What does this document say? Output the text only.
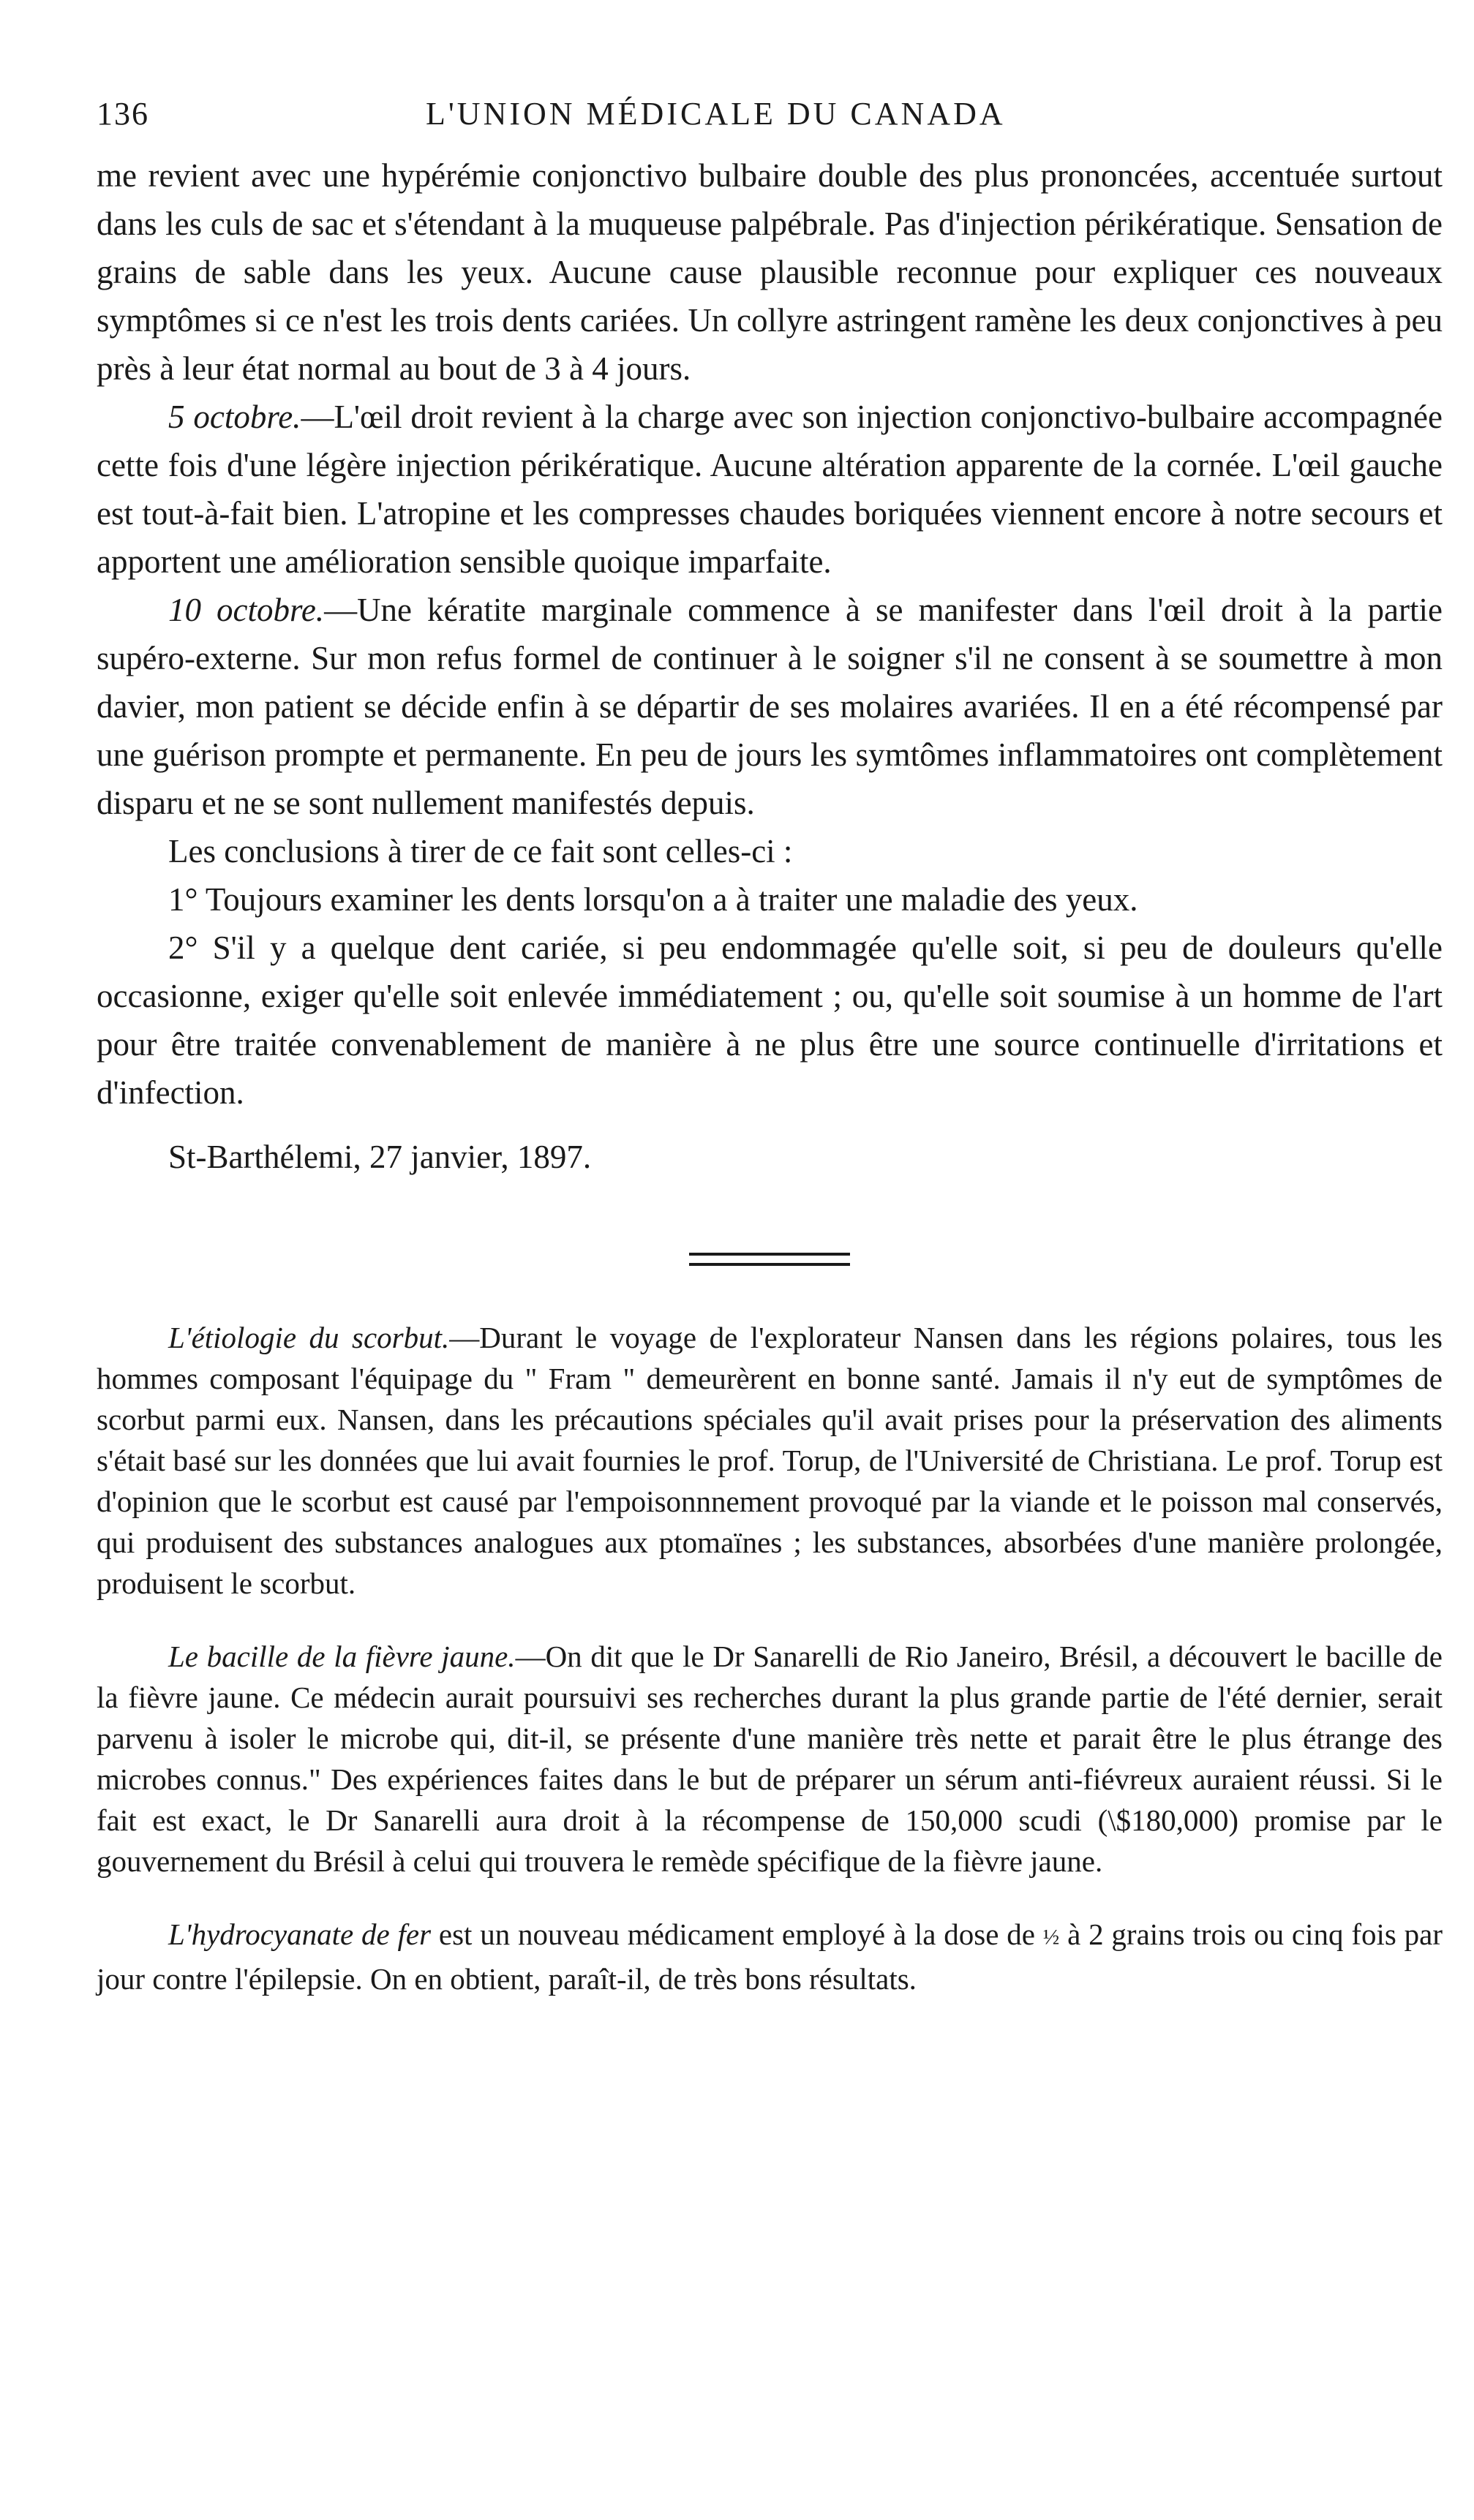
136	L'UNION MÉDICALE DU CANADA

me revient avec une hypérémie conjonctivo bulbaire double des plus prononcées, accentuée surtout dans les culs de sac et s'étendant à la muqueuse palpébrale. Pas d'injection périkératique. Sensation de grains de sable dans les yeux. Aucune cause plausible reconnue pour expliquer ces nouveaux symptômes si ce n'est les trois dents cariées. Un collyre astringent ramène les deux conjonctives à peu près à leur état normal au bout de 3 à 4 jours.

5 octobre.—L'œil droit revient à la charge avec son injection conjonctivo-bulbaire accompagnée cette fois d'une légère injection périkératique. Aucune altération apparente de la cornée. L'œil gauche est tout-à-fait bien. L'atropine et les compresses chaudes boriquées viennent encore à notre secours et apportent une amélioration sensible quoique imparfaite.

10 octobre.—Une kératite marginale commence à se manifester dans l'œil droit à la partie supéro-externe. Sur mon refus formel de continuer à le soigner s'il ne consent à se soumettre à mon davier, mon patient se décide enfin à se départir de ses molaires avariées. Il en a été récompensé par une guérison prompte et permanente. En peu de jours les symtômes inflammatoires ont complètement disparu et ne se sont nullement manifestés depuis.

Les conclusions à tirer de ce fait sont celles-ci :

1° Toujours examiner les dents lorsqu'on a à traiter une maladie des yeux.

2° S'il y a quelque dent cariée, si peu endommagée qu'elle soit, si peu de douleurs qu'elle occasionne, exiger qu'elle soit enlevée immédiatement ; ou, qu'elle soit soumise à un homme de l'art pour être traitée convenablement de manière à ne plus être une source continuelle d'irritations et d'infection.

St-Barthélemi, 27 janvier, 1897.

L'étiologie du scorbut.—Durant le voyage de l'explorateur Nansen dans les régions polaires, tous les hommes composant l'équipage du " Fram " demeurèrent en bonne santé. Jamais il n'y eut de symptômes de scorbut parmi eux. Nansen, dans les précautions spéciales qu'il avait prises pour la préservation des aliments s'était basé sur les données que lui avait fournies le prof. Torup, de l'Université de Christiana. Le prof. Torup est d'opinion que le scorbut est causé par l'empoisonnnement provoqué par la viande et le poisson mal conservés, qui produisent des substances analogues aux ptomaïnes ; les substances, absorbées d'une manière prolongée, produisent le scorbut.

Le bacille de la fièvre jaune.—On dit que le Dr Sanarelli de Rio Janeiro, Brésil, a découvert le bacille de la fièvre jaune. Ce médecin aurait poursuivi ses recherches durant la plus grande partie de l'été dernier, serait parvenu à isoler le microbe qui, dit-il, se présente d'une manière très nette et parait être le plus étrange des microbes connus." Des expériences faites dans le but de préparer un sérum anti-fiévreux auraient réussi. Si le fait est exact, le Dr Sanarelli aura droit à la récompense de 150,000 scudi (\$180,000) promise par le gouvernement du Brésil à celui qui trouvera le remède spécifique de la fièvre jaune.

L'hydrocyanate de fer est un nouveau médicament employé à la dose de ½ à 2 grains trois ou cinq fois par jour contre l'épilepsie. On en obtient, paraît-il, de très bons résultats.
